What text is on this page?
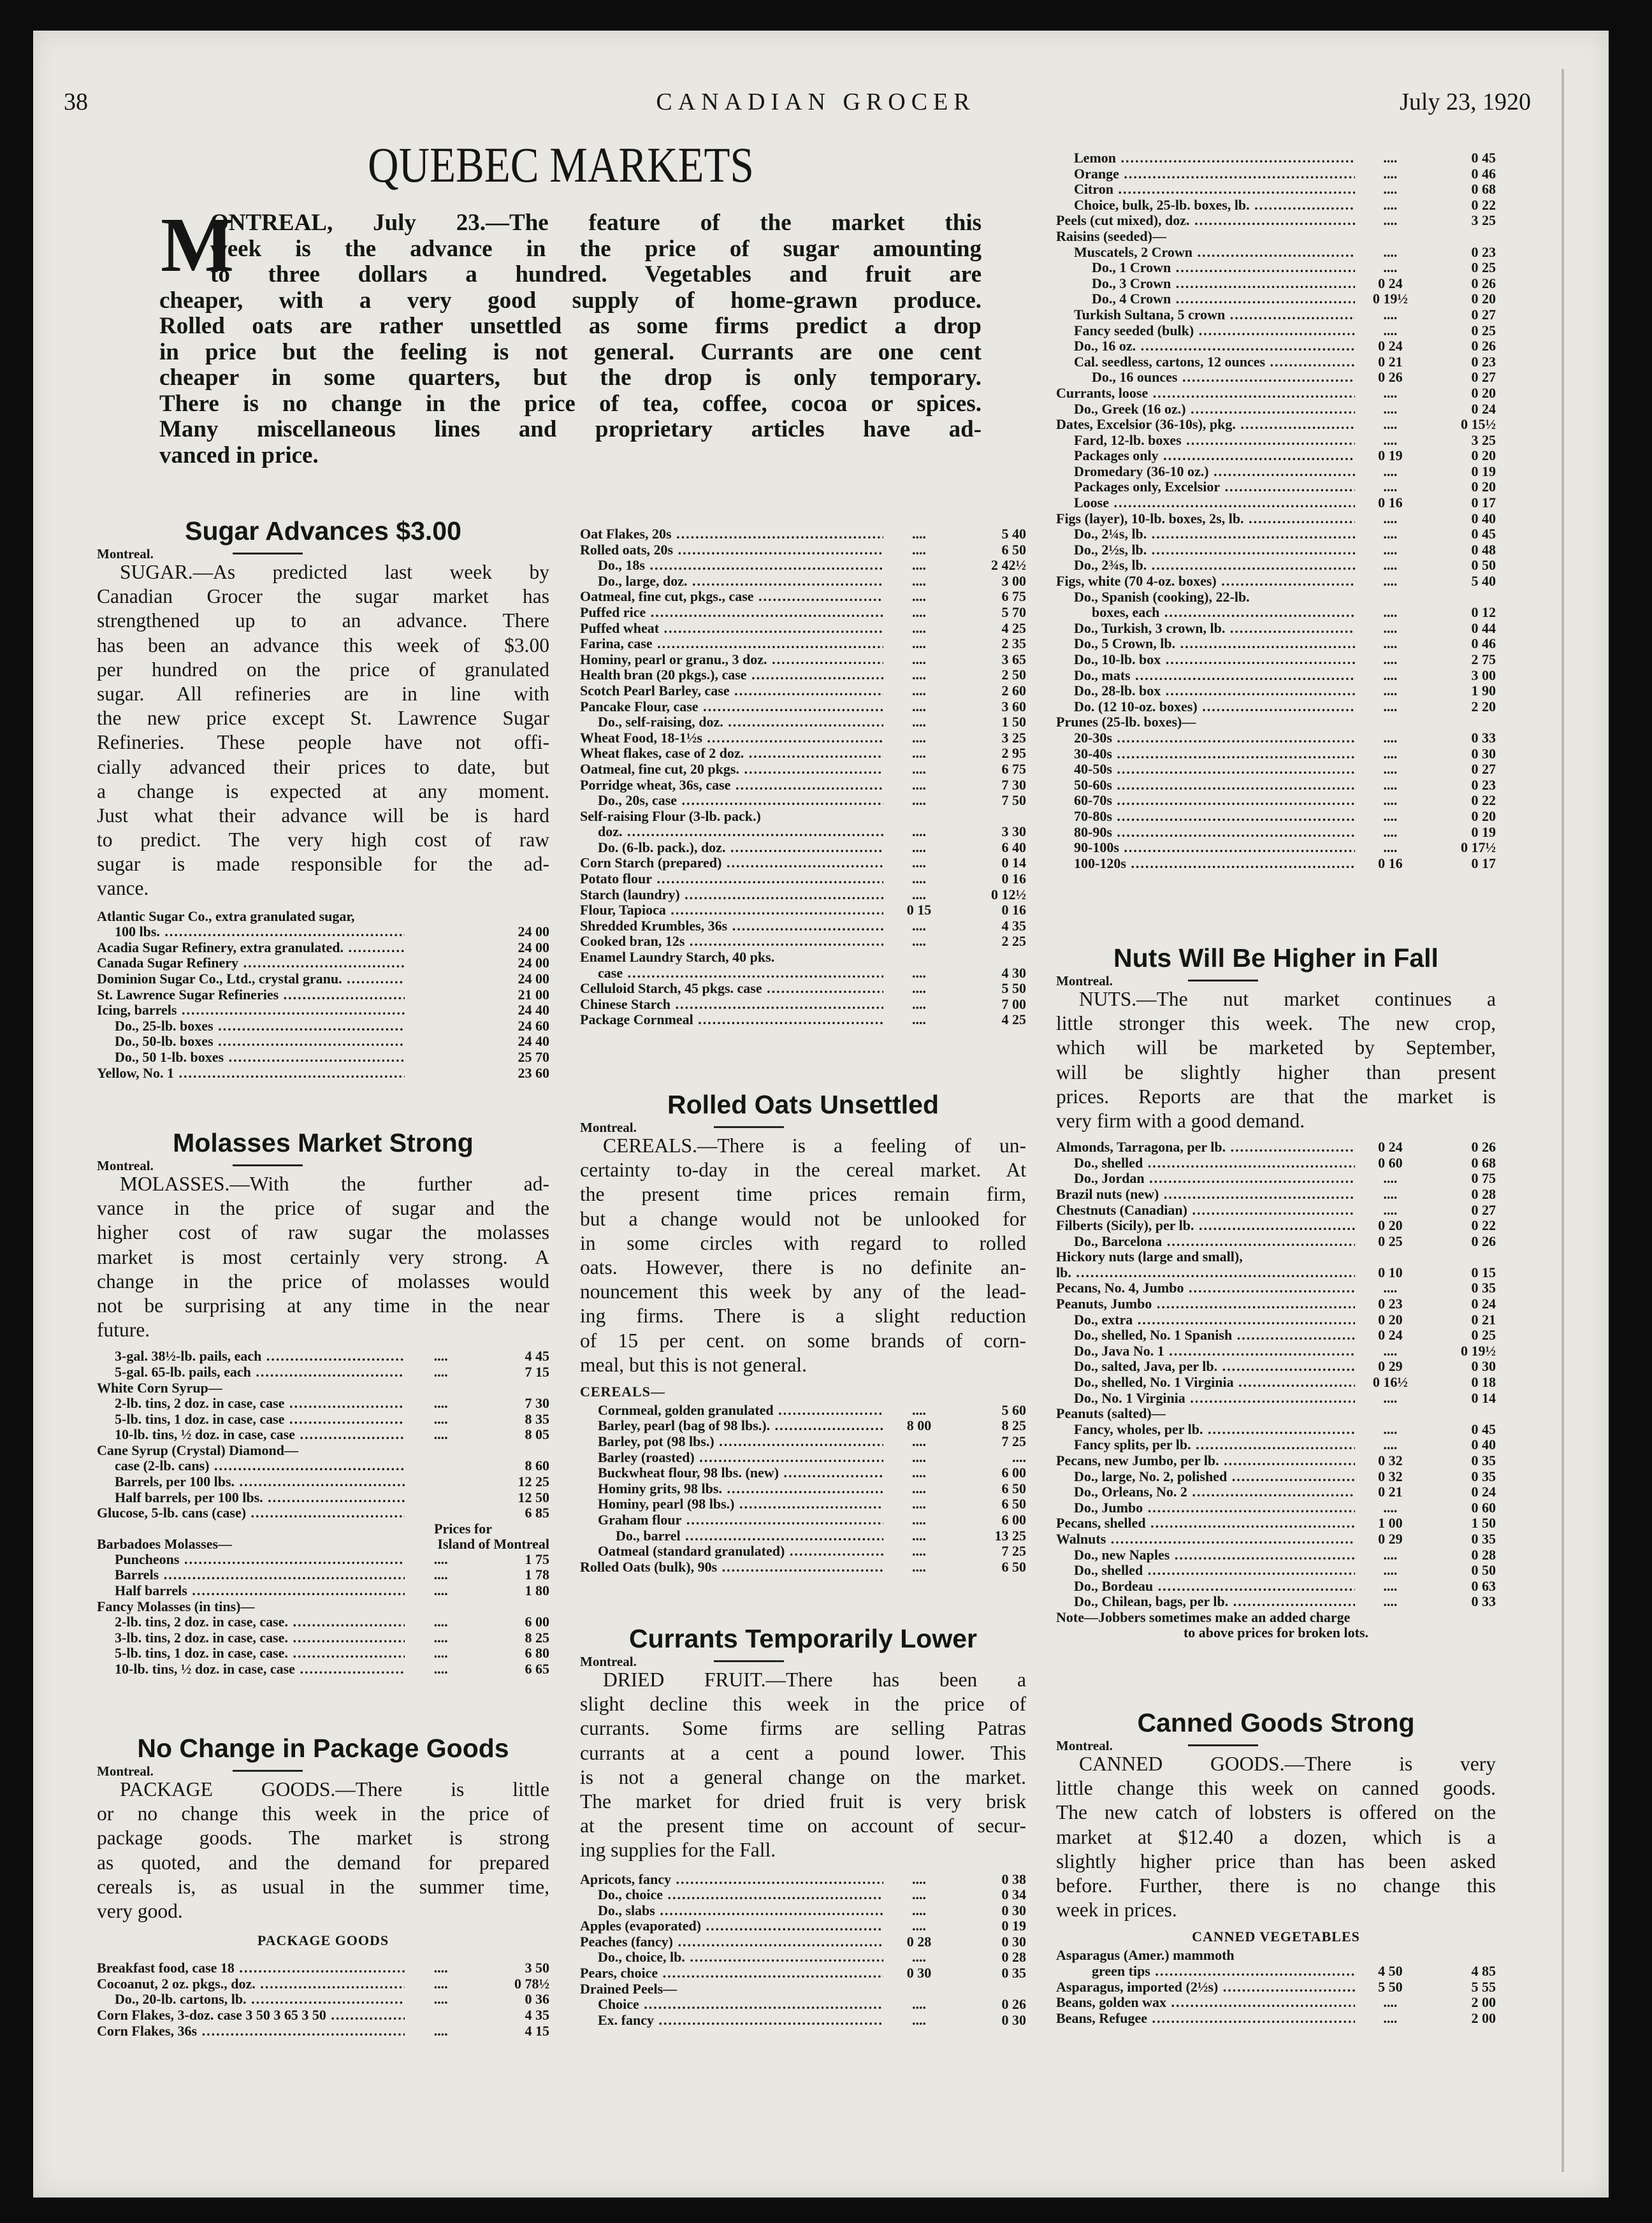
38	CANADIAN GROCER	July 23, 1920
QUEBEC MARKETS
M
ONTREAL, July 23.—The feature of the market this
week is the advance in the price of sugar amounting
to three dollars a hundred. Vegetables and fruit are
cheaper, with a very good supply of home-grawn produce.
Rolled oats are rather unsettled as some firms predict a drop
in price but the feeling is not general. Currants are one cent
cheaper in some quarters, but the drop is only temporary.
There is no change in the price of tea, coffee, cocoa or spices.
Many miscellaneous lines and proprietary articles have ad-
vanced in price.
Sugar Advances $3.00
Montreal.
SUGAR.—As predicted last week by
Canadian Grocer the sugar market has
strengthened up to an advance. There
has been an advance this week of $3.00
per hundred on the price of granulated
sugar. All refineries are in line with
the new price except St. Lawrence Sugar
Refineries. These people have not offi-
cially advanced their prices to date, but
a change is expected at any moment.
Just what their advance will be is hard
to predict. The very high cost of raw
sugar is made responsible for the ad-
vance.
Atlantic Sugar Co., extra granulated sugar,		
100 lbs. .....		24 00
Acadia Sugar Refinery, extra granulated. .....		24 00
Canada Sugar Refinery .....		24 00
Dominion Sugar Co., Ltd., crystal granu. .....		24 00
St. Lawrence Sugar Refineries .....		21 00
Icing, barrels .....		24 40
Do., 25-lb. boxes .....		24 60
Do., 50-lb. boxes .....		24 40
Do., 50 1-lb. boxes .....		25 70
Yellow, No. 1 .....		23 60
Molasses Market Strong
Montreal.
MOLASSES.—With the further ad-
vance in the price of sugar and the
higher cost of raw sugar the molasses
market is most certainly very strong. A
change in the price of molasses would
not be surprising at any time in the near
future.
3-gal. 38½-lb. pails, each .....	....	4 45
5-gal. 65-lb. pails, each .....	....	7 15
White Corn Syrup—		
2-lb. tins, 2 doz. in case, case .....	....	7 30
5-lb. tins, 1 doz. in case, case .....	....	8 35
10-lb. tins, ½ doz. in case, case .....	....	8 05
Cane Syrup (Crystal) Diamond—		
case (2-lb. cans) .....		8 60
Barrels, per 100 lbs. .....		12 25
Half barrels, per 100 lbs. .....		12 50
Glucose, 5-lb. cans (case) .....		6 85
Prices for
Barbadoes Molasses—	Island of Montreal
Puncheons .....	....	1 75
Barrels .....	....	1 78
Half barrels .....	....	1 80
Fancy Molasses (in tins)—		
2-lb. tins, 2 doz. in case, case. .....	....	6 00
3-lb. tins, 2 doz. in case, case. .....	....	8 25
5-lb. tins, 1 doz. in case, case. .....	....	6 80
10-lb. tins, ½ doz. in case, case .....	....	6 65
No Change in Package Goods
Montreal.
PACKAGE GOODS.—There is little
or no change this week in the price of
package goods. The market is strong
as quoted, and the demand for prepared
cereals is, as usual in the summer time,
very good.
PACKAGE GOODS
Breakfast food, case 18 .....	....	3 50
Cocoanut, 2 oz. pkgs., doz. .....	....	0 78½
Do., 20-lb. cartons, lb. .....	....	0 36
Corn Flakes, 3-doz. case 3 50 3 65 3 50 .....		4 35
Corn Flakes, 36s .....	....	4 15
Oat Flakes, 20s .....	....	5 40
Rolled oats, 20s .....	....	6 50
Do., 18s .....	....	2 42½
Do., large, doz. .....	....	3 00
Oatmeal, fine cut, pkgs., case .....	....	6 75
Puffed rice .....	....	5 70
Puffed wheat .....	....	4 25
Farina, case .....	....	2 35
Hominy, pearl or granu., 3 doz. .....	....	3 65
Health bran (20 pkgs.), case .....	....	2 50
Scotch Pearl Barley, case .....	....	2 60
Pancake Flour, case .....	....	3 60
Do., self-raising, doz. .....	....	1 50
Wheat Food, 18-1½s .....	....	3 25
Wheat flakes, case of 2 doz. .....	....	2 95
Oatmeal, fine cut, 20 pkgs. .....	....	6 75
Porridge wheat, 36s, case .....	....	7 30
Do., 20s, case .....	....	7 50
Self-raising Flour (3-lb. pack.)		
doz. .....	....	3 30
Do. (6-lb. pack.), doz. .....	....	6 40
Corn Starch (prepared) .....	....	0 14
Potato flour .....	....	0 16
Starch (laundry) .....	....	0 12½
Flour, Tapioca .....	0 15	0 16
Shredded Krumbles, 36s .....	....	4 35
Cooked bran, 12s .....	....	2 25
Enamel Laundry Starch, 40 pks.		
case .....	....	4 30
Celluloid Starch, 45 pkgs. case .....	....	5 50
Chinese Starch .....	....	7 00
Package Cornmeal .....	....	4 25
Rolled Oats Unsettled
Montreal.
CEREALS.—There is a feeling of un-
certainty to-day in the cereal market. At
the present time prices remain firm,
but a change would not be unlooked for
in some circles with regard to rolled
oats. However, there is no definite an-
nouncement this week by any of the lead-
ing firms. There is a slight reduction
of 15 per cent. on some brands of corn-
meal, but this is not general.
CEREALS—
Cornmeal, golden granulated .....	....	5 60
Barley, pearl (bag of 98 lbs.). .....	8 00	8 25
Barley, pot (98 lbs.) .....	....	7 25
Barley (roasted) .....	....	....
Buckwheat flour, 98 lbs. (new) .....	....	6 00
Hominy grits, 98 lbs. .....	....	6 50
Hominy, pearl (98 lbs.) .....	....	6 50
Graham flour .....	....	6 00
Do., barrel .....	....	13 25
Oatmeal (standard granulated) .....	....	7 25
Rolled Oats (bulk), 90s .....	....	6 50
Currants Temporarily Lower
Montreal.
DRIED FRUIT.—There has been a
slight decline this week in the price of
currants. Some firms are selling Patras
currants at a cent a pound lower. This
is not a general change on the market.
The market for dried fruit is very brisk
at the present time on account of secur-
ing supplies for the Fall.
Apricots, fancy .....	....	0 38
Do., choice .....	....	0 34
Do., slabs .....	....	0 30
Apples (evaporated) .....	....	0 19
Peaches (fancy) .....	0 28	0 30
Do., choice, lb. .....	....	0 28
Pears, choice .....	0 30	0 35
Drained Peels—		
Choice .....	....	0 26
Ex. fancy .....	....	0 30
Lemon .....	....	0 45
Orange .....	....	0 46
Citron .....	....	0 68
Choice, bulk, 25-lb. boxes, lb. .....	....	0 22
Peels (cut mixed), doz. .....	....	3 25
Raisins (seeded)—		
Muscatels, 2 Crown .....	....	0 23
Do., 1 Crown .....	....	0 25
Do., 3 Crown .....	0 24	0 26
Do., 4 Crown .....	0 19½	0 20
Turkish Sultana, 5 crown .....	....	0 27
Fancy seeded (bulk) .....	....	0 25
Do., 16 oz. .....	0 24	0 26
Cal. seedless, cartons, 12 ounces .....	0 21	0 23
Do., 16 ounces .....	0 26	0 27
Currants, loose .....	....	0 20
Do., Greek (16 oz.) .....	....	0 24
Dates, Excelsior (36-10s), pkg. .....	....	0 15½
Fard, 12-lb. boxes .....	....	3 25
Packages only .....	0 19	0 20
Dromedary (36-10 oz.) .....	....	0 19
Packages only, Excelsior .....	....	0 20
Loose .....	0 16	0 17
Figs (layer), 10-lb. boxes, 2s, lb. .....	....	0 40
Do., 2¼s, lb. .....	....	0 45
Do., 2½s, lb. .....	....	0 48
Do., 2¾s, lb. .....	....	0 50
Figs, white (70 4-oz. boxes) .....	....	5 40
Do., Spanish (cooking), 22-lb.		
boxes, each .....	....	0 12
Do., Turkish, 3 crown, lb. .....	....	0 44
Do., 5 Crown, lb. .....	....	0 46
Do., 10-lb. box .....	....	2 75
Do., mats .....	....	3 00
Do., 28-lb. box .....	....	1 90
Do. (12 10-oz. boxes) .....	....	2 20
Prunes (25-lb. boxes)—		
20-30s .....	....	0 33
30-40s .....	....	0 30
40-50s .....	....	0 27
50-60s .....	....	0 23
60-70s .....	....	0 22
70-80s .....	....	0 20
80-90s .....	....	0 19
90-100s .....	....	0 17½
100-120s .....	0 16	0 17
Nuts Will Be Higher in Fall
Montreal.
NUTS.—The nut market continues a
little stronger this week. The new crop,
which will be marketed by September,
will be slightly higher than present
prices. Reports are that the market is
very firm with a good demand.
Almonds, Tarragona, per lb. .....	0 24	0 26
Do., shelled .....	0 60	0 68
Do., Jordan .....	....	0 75
Brazil nuts (new) .....	....	0 28
Chestnuts (Canadian) .....	....	0 27
Filberts (Sicily), per lb. .....	0 20	0 22
Do., Barcelona .....	0 25	0 26
Hickory nuts (large and small),		
lb. .....	0 10	0 15
Pecans, No. 4, Jumbo .....	....	0 35
Peanuts, Jumbo .....	0 23	0 24
Do., extra .....	0 20	0 21
Do., shelled, No. 1 Spanish .....	0 24	0 25
Do., Java No. 1 .....	....	0 19½
Do., salted, Java, per lb. .....	0 29	0 30
Do., shelled, No. 1 Virginia .....	0 16½	0 18
Do., No. 1 Virginia .....	....	0 14
Peanuts (salted)—		
Fancy, wholes, per lb. .....	....	0 45
Fancy splits, per lb. .....	....	0 40
Pecans, new Jumbo, per lb. .....	0 32	0 35
Do., large, No. 2, polished .....	0 32	0 35
Do., Orleans, No. 2 .....	0 21	0 24
Do., Jumbo .....	....	0 60
Pecans, shelled .....	1 00	1 50
Walnuts .....	0 29	0 35
Do., new Naples .....	....	0 28
Do., shelled .....	....	0 50
Do., Bordeau .....	....	0 63
Do., Chilean, bags, per lb. .....	....	0 33
Note—Jobbers sometimes make an added charge
to above prices for broken lots.
Canned Goods Strong
Montreal.
CANNED GOODS.—There is very
little change this week on canned goods.
The new catch of lobsters is offered on the
market at $12.40 a dozen, which is a
slightly higher price than has been asked
before. Further, there is no change this
week in prices.
CANNED VEGETABLES
Asparagus (Amer.) mammoth		
green tips .....	4 50	4 85
Asparagus, imported (2½s) .....	5 50	5 55
Beans, golden wax .....	....	2 00
Beans, Refugee .....	....	2 00
